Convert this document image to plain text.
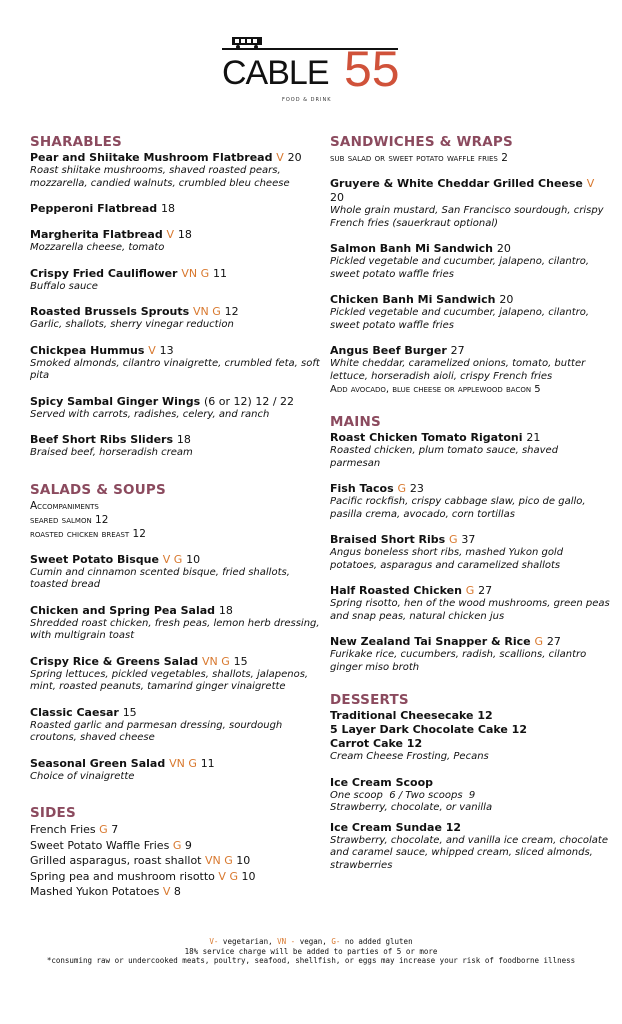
CABLE 55
FOOD & DRINK
SHARABLES
Pear and Shiitake Mushroom Flatbread V 20
Roast shiitake mushrooms, shaved roasted pears, mozzarella, candied walnuts, crumbled bleu cheese
Pepperoni Flatbread 18
Margherita Flatbread V 18
Mozzarella cheese, tomato
Crispy Fried Cauliflower VN G 11
Buffalo sauce
Roasted Brussels Sprouts VN G 12
Garlic, shallots, sherry vinegar reduction
Chickpea Hummus V 13
Smoked almonds, cilantro vinaigrette, crumbled feta, soft pita
Spicy Sambal Ginger Wings (6 or 12) 12 / 22
Served with carrots, radishes, celery, and ranch
Beef Short Ribs Sliders 18
Braised beef, horseradish cream
SALADS & SOUPS
Accompaniments
seared salmon 12
roasted chicken breast 12
Sweet Potato Bisque V G 10
Cumin and cinnamon scented bisque, fried shallots, toasted bread
Chicken and Spring Pea Salad 18
Shredded roast chicken, fresh peas, lemon herb dressing, with multigrain toast
Crispy Rice & Greens Salad VN G 15
Spring lettuces, pickled vegetables, shallots, jalapenos, mint, roasted peanuts, tamarind ginger vinaigrette
Classic Caesar 15
Roasted garlic and parmesan dressing, sourdough croutons, shaved cheese
Seasonal Green Salad VN G 11
Choice of vinaigrette
SIDES
French Fries G 7
Sweet Potato Waffle Fries G 9
Grilled asparagus, roast shallot VN G 10
Spring pea and mushroom risotto V G 10
Mashed Yukon Potatoes V 8
SANDWICHES & WRAPS
sub salad or sweet potato waffle fries 2
Gruyere & White Cheddar Grilled Cheese V 20
Whole grain mustard, San Francisco sourdough, crispy French fries (sauerkraut optional)
Salmon Banh Mi Sandwich 20
Pickled vegetable and cucumber, jalapeno, cilantro, sweet potato waffle fries
Chicken Banh Mi Sandwich 20
Pickled vegetable and cucumber, jalapeno, cilantro, sweet potato waffle fries
Angus Beef Burger 27
White cheddar, caramelized onions, tomato, butter lettuce, horseradish aioli, crispy French fries
Add avocado, blue cheese or applewood bacon 5
MAINS
Roast Chicken Tomato Rigatoni 21
Roasted chicken, plum tomato sauce, shaved parmesan
Fish Tacos G 23
Pacific rockfish, crispy cabbage slaw, pico de gallo, pasilla crema, avocado, corn tortillas
Braised Short Ribs G 37
Angus boneless short ribs, mashed Yukon gold potatoes, asparagus and caramelized shallots
Half Roasted Chicken G 27
Spring risotto, hen of the wood mushrooms, green peas and snap peas, natural chicken jus
New Zealand Tai Snapper & Rice G 27
Furikake rice, cucumbers, radish, scallions, cilantro ginger miso broth
DESSERTS
Traditional Cheesecake 12
5 Layer Dark Chocolate Cake 12
Carrot Cake 12
Cream Cheese Frosting, Pecans
Ice Cream Scoop
One scoop  6 / Two scoops  9
Strawberry, chocolate, or vanilla
Ice Cream Sundae 12
Strawberry, chocolate, and vanilla ice cream, chocolate and caramel sauce, whipped cream, sliced almonds, strawberries
V- vegetarian, VN - vegan, G- no added gluten
18% service charge will be added to parties of 5 or more
*consuming raw or undercooked meats, poultry, seafood, shellfish, or eggs may increase your risk of foodborne illness
